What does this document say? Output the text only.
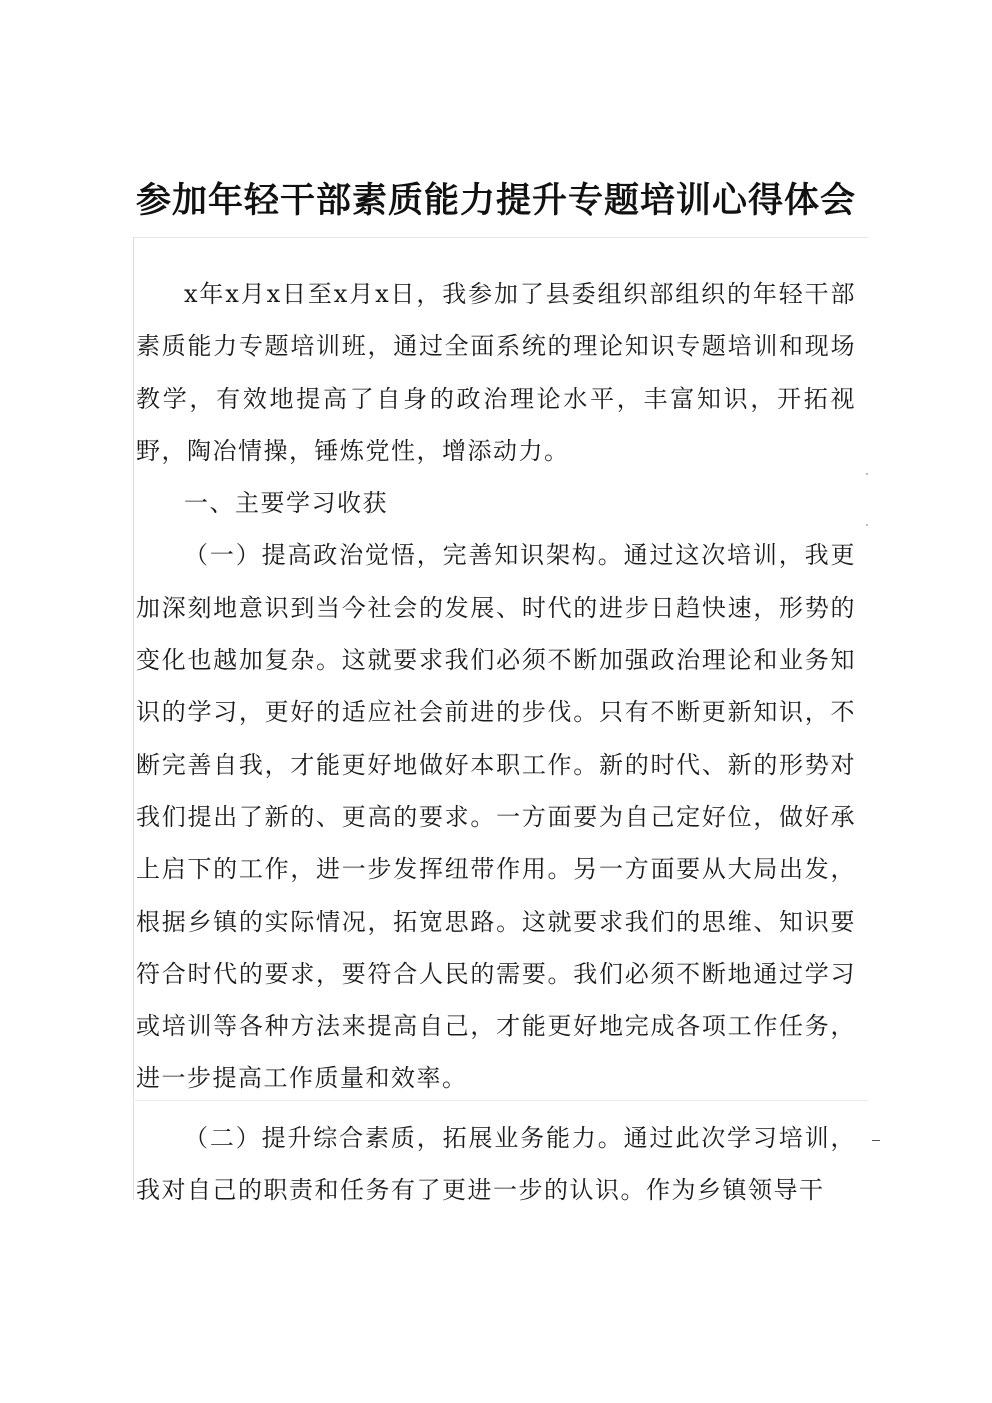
参加年轻干部素质能力提升专题培训心得体会

x年x月x日至x月x日，我参加了县委组织部组织的年轻干部素质能力专题培训班，通过全面系统的理论知识专题培训和现场教学，有效地提高了自身的政治理论水平，丰富知识，开拓视野，陶冶情操，锤炼党性，增添动力。

一、主要学习收获

（一）提高政治觉悟，完善知识架构。通过这次培训，我更加深刻地意识到当今社会的发展、时代的进步日趋快速，形势的变化也越加复杂。这就要求我们必须不断加强政治理论和业务知识的学习，更好的适应社会前进的步伐。只有不断更新知识，不断完善自我，才能更好地做好本职工作。新的时代、新的形势对我们提出了新的、更高的要求。一方面要为自己定好位，做好承上启下的工作，进一步发挥纽带作用。另一方面要从大局出发，根据乡镇的实际情况，拓宽思路。这就要求我们的思维、知识要符合时代的要求，要符合人民的需要。我们必须不断地通过学习或培训等各种方法来提高自己，才能更好地完成各项工作任务，进一步提高工作质量和效率。

（二）提升综合素质，拓展业务能力。通过此次学习培训，我对自己的职责和任务有了更进一步的认识。作为乡镇领导干
